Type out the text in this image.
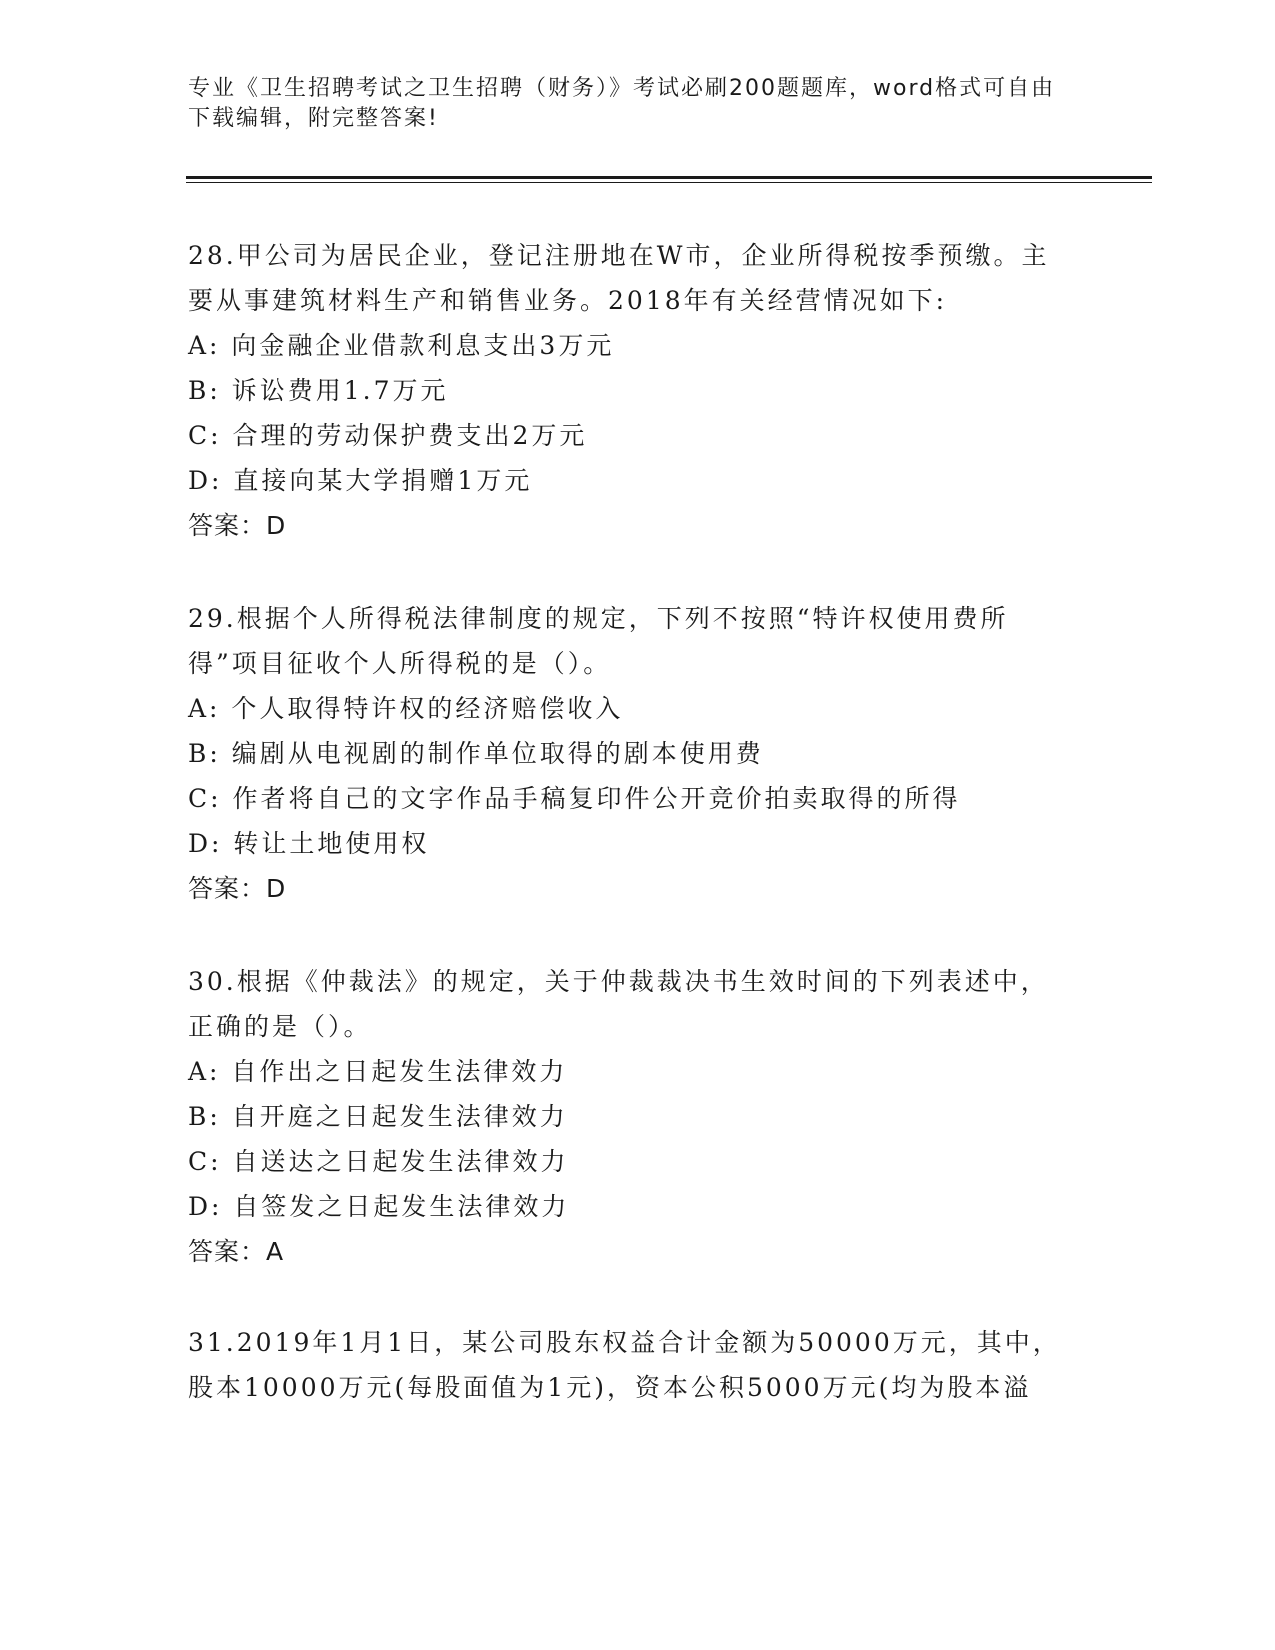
专业《卫生招聘考试之卫生招聘（财务）》考试必刷200题题库，word格式可自由下载编辑，附完整答案!

28.甲公司为居民企业，登记注册地在W市，企业所得税按季预缴。主要从事建筑材料生产和销售业务。2018年有关经营情况如下:

A: 向金融企业借款利息支出3万元

B: 诉讼费用1.7万元

C: 合理的劳动保护费支出2万元

D: 直接向某大学捐赠1万元

答案：D

29.根据个人所得税法律制度的规定，下列不按照“特许权使用费所得”项目征收个人所得税的是（）。

A: 个人取得特许权的经济赔偿收入

B: 编剧从电视剧的制作单位取得的剧本使用费

C: 作者将自己的文字作品手稿复印件公开竞价拍卖取得的所得

D: 转让土地使用权

答案：D

30.根据《仲裁法》的规定，关于仲裁裁决书生效时间的下列表述中，正确的是（）。

A: 自作出之日起发生法律效力

B: 自开庭之日起发生法律效力

C: 自送达之日起发生法律效力

D: 自签发之日起发生法律效力

答案：A

31.2019年1月1日，某公司股东权益合计金额为50000万元，其中，股本10000万元(每股面值为1元)，资本公积5000万元(均为股本溢
